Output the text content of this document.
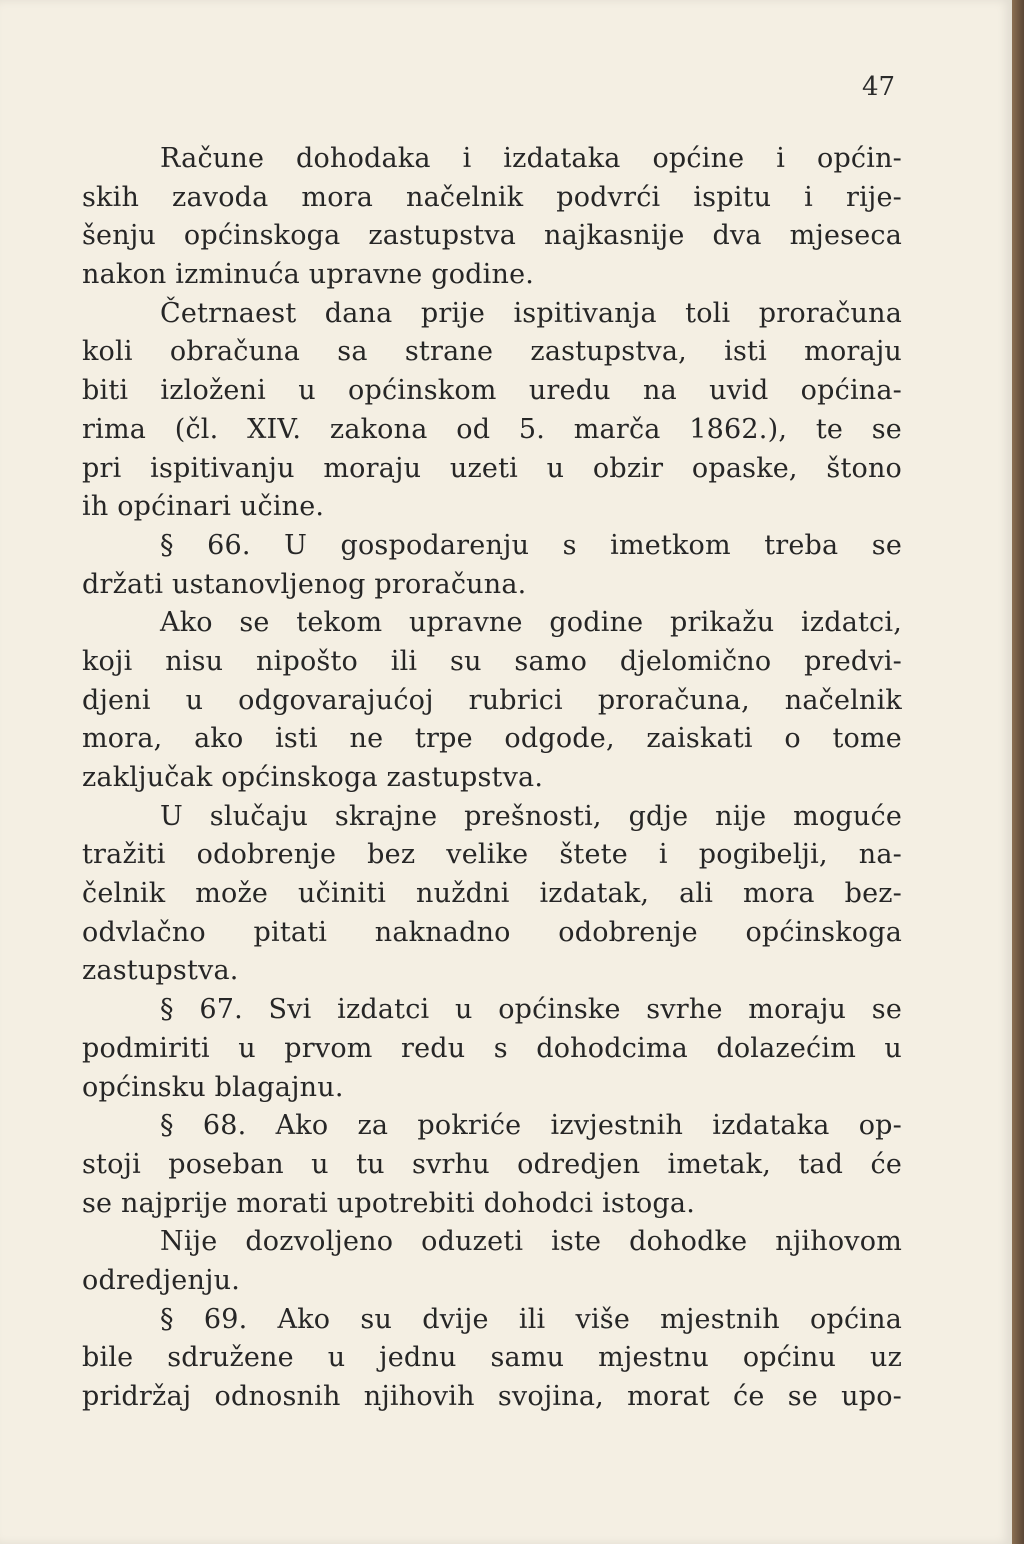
47
Račune dohodaka i izdataka općine i općin-
skih zavoda mora načelnik podvrći ispitu i rije-
šenju općinskoga zastupstva najkasnije dva mjeseca
nakon izminuća upravne godine.
Četrnaest dana prije ispitivanja toli proračuna
koli obračuna sa strane zastupstva, isti moraju
biti izloženi u općinskom uredu na uvid općina-
rima (čl. XIV. zakona od 5. marča 1862.), te se
pri ispitivanju moraju uzeti u obzir opaske, štono
ih općinari učine.
§ 66. U gospodarenju s imetkom treba se
držati ustanovljenog proračuna.
Ako se tekom upravne godine prikažu izdatci,
koji nisu nipošto ili su samo djelomično predvi-
djeni u odgovarajućoj rubrici proračuna, načelnik
mora, ako isti ne trpe odgode, zaiskati o tome
zaključak općinskoga zastupstva.
U slučaju skrajne prešnosti, gdje nije moguće
tražiti odobrenje bez velike štete i pogibelji, na-
čelnik može učiniti nuždni izdatak, ali mora bez-
odvlačno pitati naknadno odobrenje općinskoga
zastupstva.
§ 67. Svi izdatci u općinske svrhe moraju se
podmiriti u prvom redu s dohodcima dolazećim u
općinsku blagajnu.
§ 68. Ako za pokriće izvjestnih izdataka op-
stoji poseban u tu svrhu odredjen imetak, tad će
se najprije morati upotrebiti dohodci istoga.
Nije dozvoljeno oduzeti iste dohodke njihovom
odredjenju.
§ 69. Ako su dvije ili više mjestnih općina
bile sdružene u jednu samu mjestnu općinu uz
pridržaj odnosnih njihovih svojina, morat će se upo-
